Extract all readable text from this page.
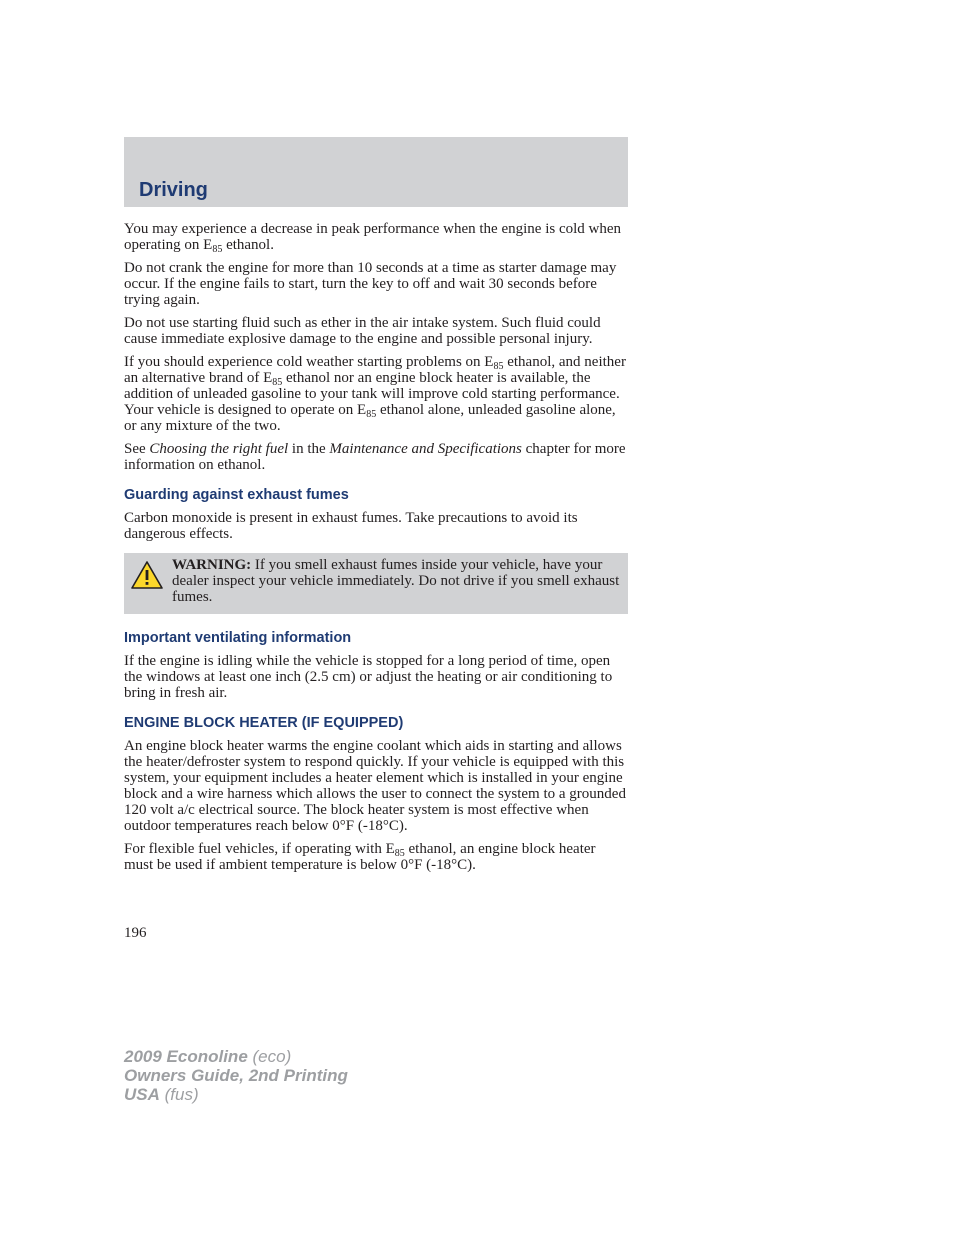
Driving

You may experience a decrease in peak performance when the engine is cold when operating on $E_{85}$ ethanol.

Do not crank the engine for more than 10 seconds at a time as starter damage may occur. If the engine fails to start, turn the key to off and wait 30 seconds before trying again.

Do not use starting fluid such as ether in the air intake system. Such fluid could cause immediate explosive damage to the engine and possible personal injury.

If you should experience cold weather starting problems on $E_{85}$ ethanol, and neither an alternative brand of $E_{85}$ ethanol nor an engine block heater is available, the addition of unleaded gasoline to your tank will improve cold starting performance. Your vehicle is designed to operate on $E_{85}$ ethanol alone, unleaded gasoline alone, or any mixture of the two.

See Choosing the right fuel in the Maintenance and Specifications chapter for more information on ethanol.

Guarding against exhaust fumes

Carbon monoxide is present in exhaust fumes. Take precautions to avoid its dangerous effects.

WARNING: If you smell exhaust fumes inside your vehicle, have your dealer inspect your vehicle immediately. Do not drive if you smell exhaust fumes.
Important ventilating information

If the engine is idling while the vehicle is stopped for a long period of time, open the windows at least one inch (2.5 cm) or adjust the heating or air conditioning to bring in fresh air.

ENGINE BLOCK HEATER (IF EQUIPPED)

An engine block heater warms the engine coolant which aids in starting and allows the heater/defroster system to respond quickly. If your vehicle is equipped with this system, your equipment includes a heater element which is installed in your engine block and a wire harness which allows the user to connect the system to a grounded 120 volt a/c electrical source. The block heater system is most effective when outdoor temperatures reach below 0°F (-18°C).

For flexible fuel vehicles, if operating with $E_{85}$ ethanol, an engine block heater must be used if ambient temperature is below 0°F (-18°C).

196
2009 Econoline (eco)
Owners Guide, 2nd Printing
USA (fus)
